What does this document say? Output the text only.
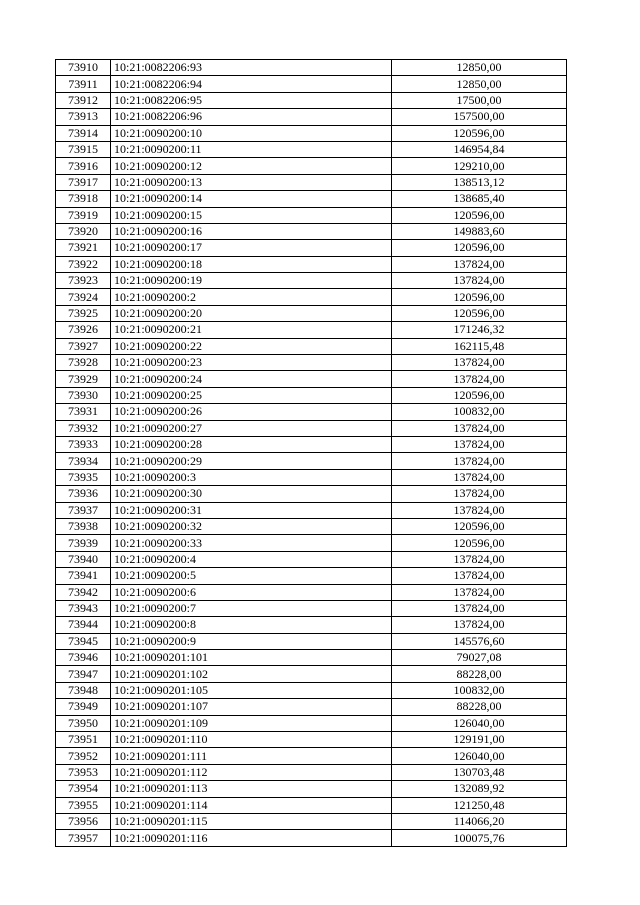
73910	10:21:0082206:93	12850,00
73911	10:21:0082206:94	12850,00
73912	10:21:0082206:95	17500,00
73913	10:21:0082206:96	157500,00
73914	10:21:0090200:10	120596,00
73915	10:21:0090200:11	146954,84
73916	10:21:0090200:12	129210,00
73917	10:21:0090200:13	138513,12
73918	10:21:0090200:14	138685,40
73919	10:21:0090200:15	120596,00
73920	10:21:0090200:16	149883,60
73921	10:21:0090200:17	120596,00
73922	10:21:0090200:18	137824,00
73923	10:21:0090200:19	137824,00
73924	10:21:0090200:2	120596,00
73925	10:21:0090200:20	120596,00
73926	10:21:0090200:21	171246,32
73927	10:21:0090200:22	162115,48
73928	10:21:0090200:23	137824,00
73929	10:21:0090200:24	137824,00
73930	10:21:0090200:25	120596,00
73931	10:21:0090200:26	100832,00
73932	10:21:0090200:27	137824,00
73933	10:21:0090200:28	137824,00
73934	10:21:0090200:29	137824,00
73935	10:21:0090200:3	137824,00
73936	10:21:0090200:30	137824,00
73937	10:21:0090200:31	137824,00
73938	10:21:0090200:32	120596,00
73939	10:21:0090200:33	120596,00
73940	10:21:0090200:4	137824,00
73941	10:21:0090200:5	137824,00
73942	10:21:0090200:6	137824,00
73943	10:21:0090200:7	137824,00
73944	10:21:0090200:8	137824,00
73945	10:21:0090200:9	145576,60
73946	10:21:0090201:101	79027,08
73947	10:21:0090201:102	88228,00
73948	10:21:0090201:105	100832,00
73949	10:21:0090201:107	88228,00
73950	10:21:0090201:109	126040,00
73951	10:21:0090201:110	129191,00
73952	10:21:0090201:111	126040,00
73953	10:21:0090201:112	130703,48
73954	10:21:0090201:113	132089,92
73955	10:21:0090201:114	121250,48
73956	10:21:0090201:115	114066,20
73957	10:21:0090201:116	100075,76
